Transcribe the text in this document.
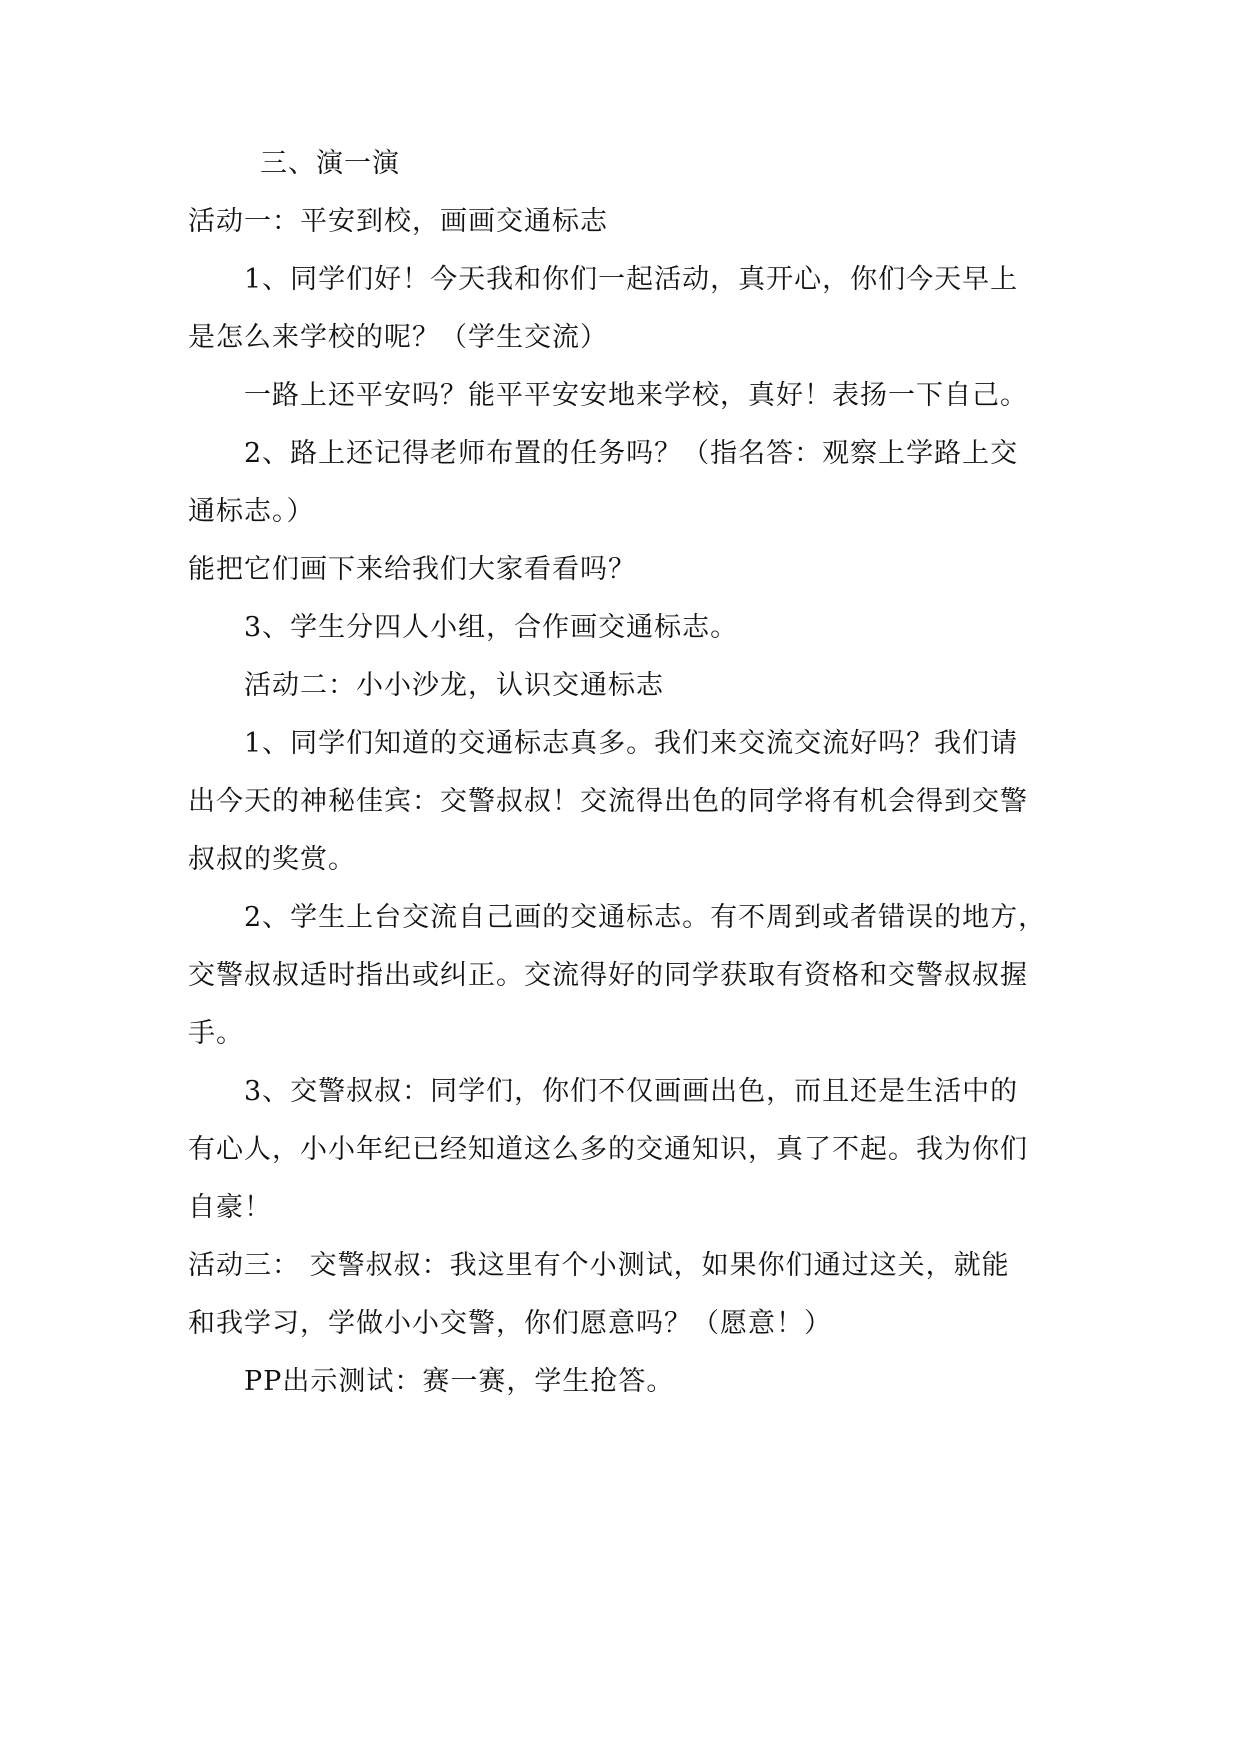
三、演一演
活动一：平安到校，画画交通标志
1、同学们好！今天我和你们一起活动，真开心，你们今天早上
是怎么来学校的呢？（学生交流）
一路上还平安吗？能平平安安地来学校，真好！表扬一下自己。
2、路上还记得老师布置的任务吗？（指名答：观察上学路上交
通标志。）
能把它们画下来给我们大家看看吗？
3、学生分四人小组，合作画交通标志。
活动二：小小沙龙，认识交通标志
1、同学们知道的交通标志真多。我们来交流交流好吗？我们请
出今天的神秘佳宾：交警叔叔！交流得出色的同学将有机会得到交警
叔叔的奖赏。
2、学生上台交流自己画的交通标志。有不周到或者错误的地方，
交警叔叔适时指出或纠正。交流得好的同学获取有资格和交警叔叔握
手。
3、交警叔叔：同学们，你们不仅画画出色，而且还是生活中的
有心人，小小年纪已经知道这么多的交通知识，真了不起。我为你们
自豪！
活动三： 交警叔叔：我这里有个小测试，如果你们通过这关，就能
和我学习，学做小小交警，你们愿意吗？（愿意！）
PP出示测试：赛一赛，学生抢答。
